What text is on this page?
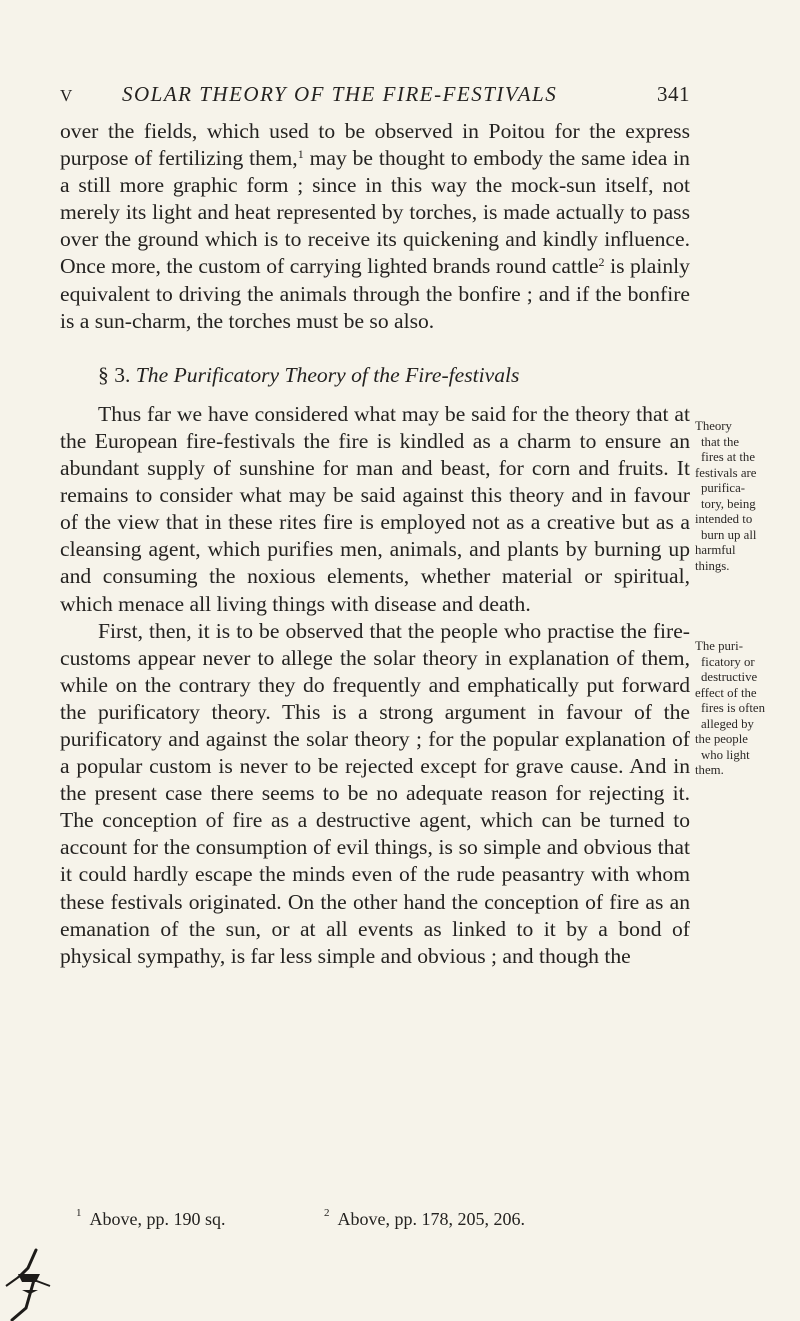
V SOLAR THEORY OF THE FIRE-FESTIVALS	341

over the fields, which used to be observed in Poitou for the express purpose of fertilizing them,$^1$ may be thought to embody the same idea in a still more graphic form ; since in this way the mock-sun itself, not merely its light and heat represented by torches, is made actually to pass over the ground which is to receive its quickening and kindly influence. Once more, the custom of carrying lighted brands round cattle$^2$ is plainly equivalent to driving the animals through the bonfire ; and if the bonfire is a sun-charm, the torches must be so also.

§ 3. The Purificatory Theory of the Fire-festivals

Thus far we have considered what may be said for the theory that at the European fire-festivals the fire is kindled as a charm to ensure an abundant supply of sunshine for man and beast, for corn and fruits. It remains to consider what may be said against this theory and in favour of the view that in these rites fire is employed not as a creative but as a cleansing agent, which purifies men, animals, and plants by burning up and consuming the noxious elements, whether material or spiritual, which menace all living things with disease and death.

First, then, it is to be observed that the people who practise the fire-customs appear never to allege the solar theory in explanation of them, while on the contrary they do frequently and emphatically put forward the purificatory theory. This is a strong argument in favour of the purificatory and against the solar theory ; for the popular explanation of a popular custom is never to be rejected except for grave cause. And in the present case there seems to be no adequate reason for rejecting it. The conception of fire as a destructive agent, which can be turned to account for the consumption of evil things, is so simple and obvious that it could hardly escape the minds even of the rude peasantry with whom these festivals originated. On the other hand the conception of fire as an emanation of the sun, or at all events as linked to it by a bond of physical sympathy, is far less simple and obvious ; and though the

Theory
that the
fires at the
festivals are
purifica-
tory, being
intended to
burn up all
harmful
things.
The puri-
ficatory or
destructive
effect of the
fires is often
alleged by
the people
who light
them.
$^1$ Above, pp. 190 sq.	$^2$ Above, pp. 178, 205, 206.
